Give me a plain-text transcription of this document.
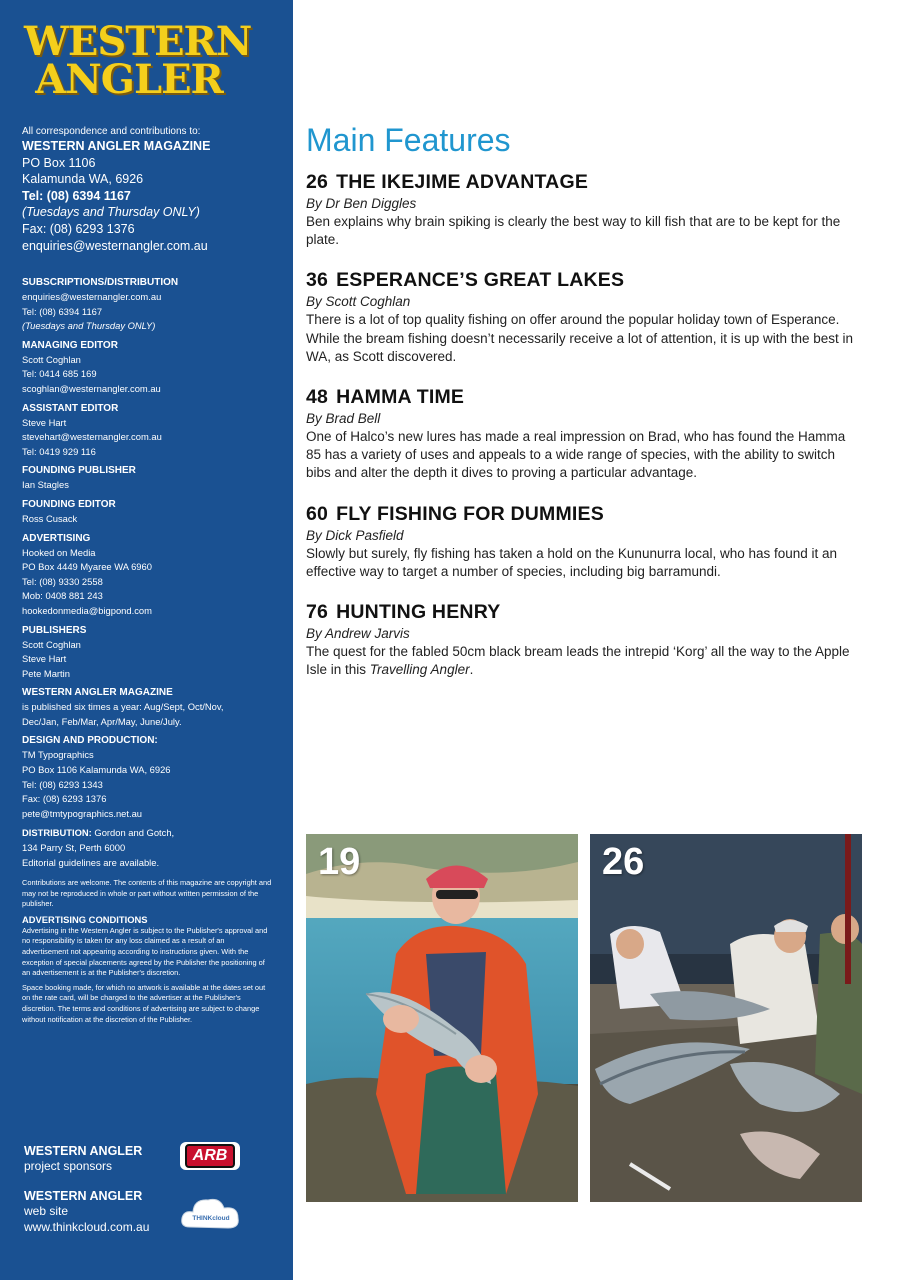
WESTERN
ANGLER
All correspondence and contributions to:
WESTERN ANGLER MAGAZINE
PO Box 1106
Kalamunda WA, 6926
Tel: (08) 6394 1167
(Tuesdays and Thursday ONLY)
Fax: (08) 6293 1376
enquiries@westernangler.com.au
SUBSCRIPTIONS/DISTRIBUTION
enquiries@westernangler.com.au
Tel: (08) 6394 1167
(Tuesdays and Thursday ONLY)
MANAGING EDITOR
Scott Coghlan
Tel: 0414 685 169
scoghlan@westernangler.com.au
ASSISTANT EDITOR
Steve Hart
stevehart@westernangler.com.au
Tel: 0419 929 116
FOUNDING PUBLISHER
Ian Stagles
FOUNDING EDITOR
Ross Cusack
ADVERTISING
Hooked on Media
PO Box 4449 Myaree WA 6960
Tel: (08) 9330 2558
Mob: 0408 881 243
hookedonmedia@bigpond.com
PUBLISHERS
Scott Coghlan
Steve Hart
Pete Martin
WESTERN ANGLER MAGAZINE
is published six times a year: Aug/Sept, Oct/Nov,
Dec/Jan, Feb/Mar, Apr/May, June/July.
DESIGN AND PRODUCTION:
TM Typographics
PO Box 1106 Kalamunda WA, 6926
Tel: (08) 6293 1343
Fax: (08) 6293 1376
pete@tmtypographics.net.au
DISTRIBUTION: Gordon and Gotch,
134 Parry St, Perth 6000
Editorial guidelines are available.
Contributions are welcome. The contents of this magazine are copyright and may not be reproduced in whole or part without written permission of the publisher.
ADVERTISING CONDITIONS
Advertising in the Western Angler is subject to the Publisher's approval and no responsibility is taken for any loss claimed as a result of an advertisement not appearing according to instructions given. With the exception of special placements agreed by the Publisher the positioning of an advertisement is at the Publisher's discretion.
Space booking made, for which no artwork is available at the dates set out on the rate card, will be charged to the advertiser at the Publisher's discretion. The terms and conditions of advertising are subject to change without notification at the discretion of the Publisher.
WESTERN ANGLER
project sponsors
ARB
WESTERN ANGLER
web site
www.thinkcloud.com.au
THINKcloud
Main Features
26 THE IKEJIME ADVANTAGE
By Dr Ben Diggles
Ben explains why brain spiking is clearly the best way to kill fish that are to be kept for the plate.
36 ESPERANCE’S GREAT LAKES
By Scott Coghlan
There is a lot of top quality fishing on offer around the popular holiday town of Esperance. While the bream fishing doesn’t necessarily receive a lot of attention, it is up with the best in WA, as Scott discovered.
48 HAMMA TIME
By Brad Bell
One of Halco’s new lures has made a real impression on Brad, who has found the Hamma 85 has a variety of uses and appeals to a wide range of species, with the ability to switch bibs and alter the depth it dives to proving a particular advantage.
60 FLY FISHING FOR DUMMIES
By Dick Pasfield
Slowly but surely, fly fishing has taken a hold on the Kununurra local, who has found it an effective way to target a number of species, including big barramundi.
76 HUNTING HENRY
By Andrew Jarvis
The quest for the fabled 50cm black bream leads the intrepid ‘Korg’ all the way to the Apple Isle in this Travelling Angler.
19	26
